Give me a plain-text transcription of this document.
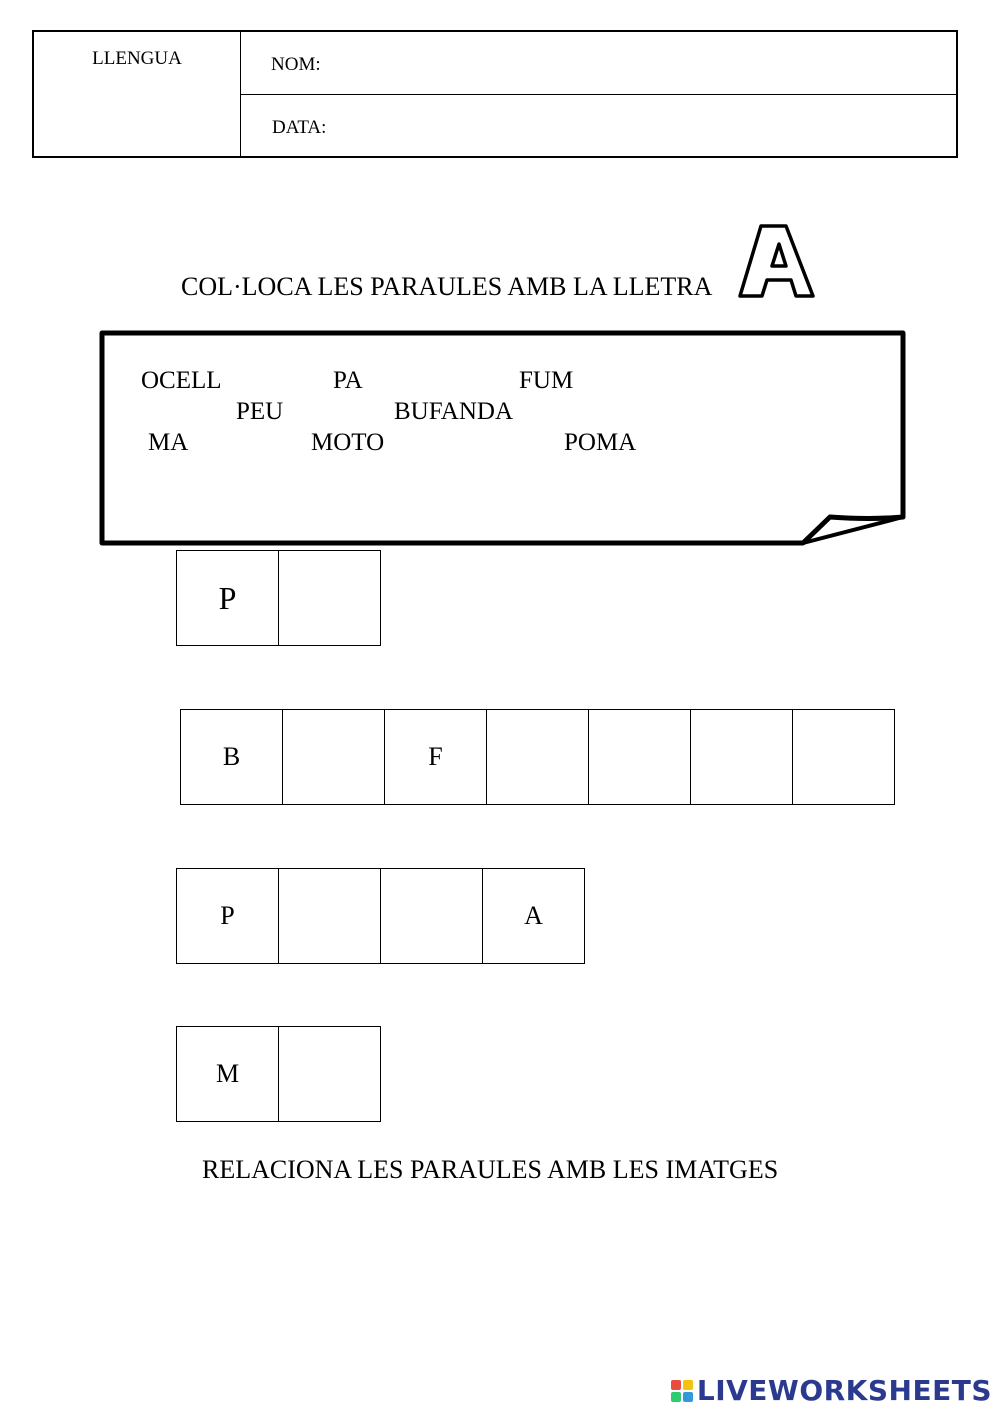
LLENGUA	NOM:
DATA:
COL·LOCA LES PARAULES AMB LA LLETRA
OCELL	PA	FUM
PEU	BUFANDA
MA	MOTO	POMA
P
B	F
P	A
M
RELACIONA LES PARAULES AMB LES IMATGES
LIVEWORKSHEETS
